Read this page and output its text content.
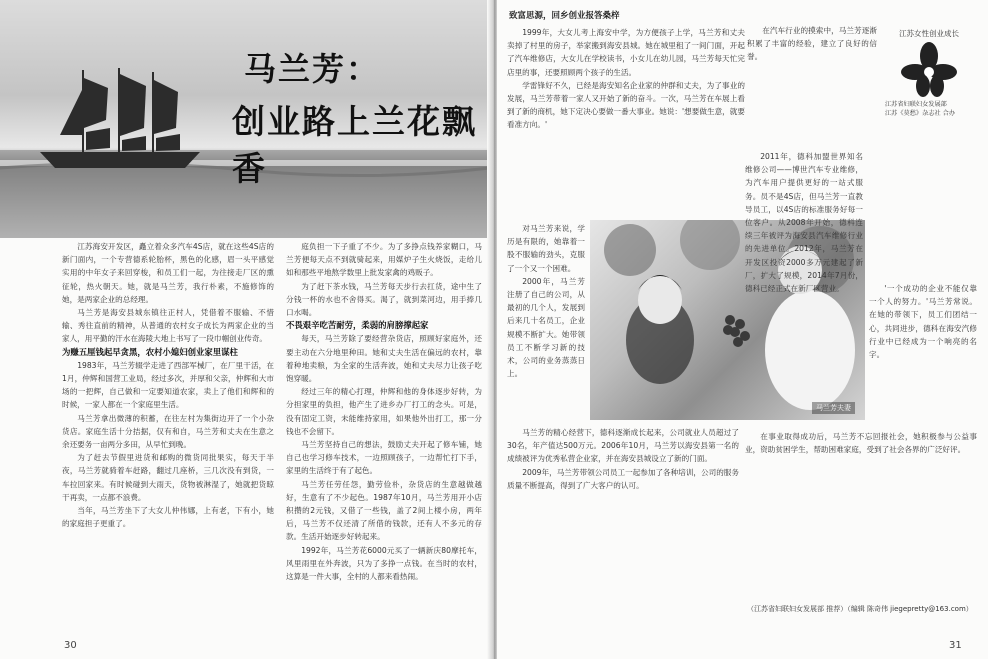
马兰芳：
创业路上兰花飘香

江苏海安开发区，矗立着众多汽车4S店，就在这些4S店的新门面内，一个专营德系轮胎杯，黑色的化感，眉一头平感觉实用的中年女子来回穿梭，和员工们一起，为往接走厂区的熏征轮，热火朝天。她，就是马兰芳，我行朴素，不施修饰的她，是两家企业的总经理。

马兰芳是海安县城东镇往正村人，凭借着不服输、不惜输、秀往直前的精神，从普通的农村女子成长为两家企业的当家人，用平勤的汗水在海陵大地上书写了一段巾帼创业传奇。

为赚五厘钱起早贪黑，农村小媳妇创业家里谋柱

1983年，马兰芳辍学走进了西部军械厂，在厂里干活，在1月，仲辉和国营工业局，经过多次，并厚和父亲，仲辉和大市场的一把辉，自己做和一定要知道农家，卖上了他们和辉和的时候，一家人都在一个家庭里生活。

马兰芳拿出微薄的积蓄，在往左村为集街边开了一个小杂货店。家庭生活十分拮据，仅有和自，马兰芳和丈夫在生意之余还要务一亩两分多田，从早忙到晚。

为了赶去节假里进货和邮购的微货同批果实，每天于半夜，马兰芳就骑着车赶路，翻过几座桥，三几次没有到货，一车拉回家来。有时候碰到大雨天，货物被淋湿了，她就把货晾干再卖，一点都不浪费。

当年，马兰芳坐下了大女儿仲伟娜，上有老，下有小，她的家庭担子更重了。

庭负担一下子重了不少。为了多挣点钱养家糊口，马兰芳便每天点不到就骑起来，用媒炉子生火烧饭，走给儿如和那些平地熬学数里上批发家禽的鸡贩子。

为了赶下茶水钱，马兰芳每天步行去扛货，途中生了分钱一杯的水也不舍得买。渴了，就到菜河边，用手捧几口水喝。

不畏艰辛吃苦耐劳，柔弱的肩膀撑起家

每天，马兰芳除了要经营杂货店，照顾好家庭外，还要主动在六分地里种田。她和丈夫生活在偏远的农村，靠着种地卖粮，为全家的生活奔波，她和丈夫尽力让孩子吃饱穿暖。

经过三年的精心打理，仲辉和他的身体逐步好转，为分担家里的负担，他产生了进乡办厂打工的念头。可是，没有固定工资，未能维持家用，如果他外出打工，那一分钱也不会留下。

马兰芳坚持自己的想法，鼓励丈夫开起了修车铺，她自己也学习修车技术，一边照顾孩子，一边帮忙打下手，家里的生活终于有了起色。

马兰芳任劳任怨，勤劳俭朴，杂货店的生意越做越好，生意有了不少起色。1987年10月，马兰芳用开小店积攒的2元钱，又借了一些钱，盖了2间上楼小房，两年后，马兰芳不仅还清了所借的钱款，还有人不多元的存款。生活开始逐步好转起来。

1992年，马兰芳花6000元买了一辆新庆80摩托车，风里雨里在外奔波，只为了多挣一点钱。在当时的农村，这算是一件大事，全村的人都来看热闹。

30
致富思源，回乡创业报答桑梓

1999年，大女儿考上海安中学，为方便孩子上学，马兰芳和丈夫卖掉了村里的房子，举家搬到海安县城。她在城里租了一间门面，开起了汽车维修店，大女儿在学校读书，小女儿在幼儿园，马兰芳每天忙完店里的事，还要照顾两个孩子的生活。

学雷锋好不久，已经是海安知名企业家的仲群和丈夫，为了事业的发展，马兰芳带着一家人又开始了新的奋斗。一次，马兰芳在车展上看到了新的商机，她下定决心要做一番大事业。她说：'想要做生意，就要看准方向。'

对马兰芳来说，学历是有限的，她靠着一股不服输的劲头，克服了一个又一个困难。

2000年，马兰芳注册了自己的公司，从最初的几个人，发展到后来几十名员工，企业规模不断扩大。她带领员工不断学习新的技术，公司的业务蒸蒸日上。

马兰芳夫妻

马兰芳的精心经营下，德科逐渐成长起来，公司就业人员超过了30名，年产值达500万元。2006年10月，马兰芳以海安县第一名的成绩被评为优秀私营企业家，并在海安县城设立了新的门面。

2009年，马兰芳带领公司员工一起参加了各种培训，公司的服务质量不断提高，得到了广大客户的认可。

江苏女性创业成长
江苏省妇联妇女发展部
江苏《莫愁》杂志社 合办

在汽车行业的摸索中，马兰芳逐渐积累了丰富的经验，建立了良好的信誉。

2011年，德科加盟世界知名维修公司——博世汽车专业维修，为汽车用户提供更好的一站式服务。员不是4S店，但马兰芳一直教导员工，以4S店的标准服务好每一位客户。从2008年开始，德科连续三年被评为海安县汽车维修行业的先进单位。2012年，马兰芳在开发区投资2000多万元建起了新厂，扩大了规模，2014年7月份，德科已经正式在新厂区营业。	'一个成功的企业不能仅靠一个人的努力。'马兰芳常说。在她的带领下，员工们团结一心，共同进步，德科在海安汽修行业中已经成为一个响亮的名字。

在事业取得成功后，马兰芳不忘回报社会，她积极参与公益事业，资助贫困学生，帮助困难家庭，受到了社会各界的广泛好评。

（江苏省妇联妇女发展部 推荐）（编辑 陈奇伟 jiegepretty@163.com）
31
